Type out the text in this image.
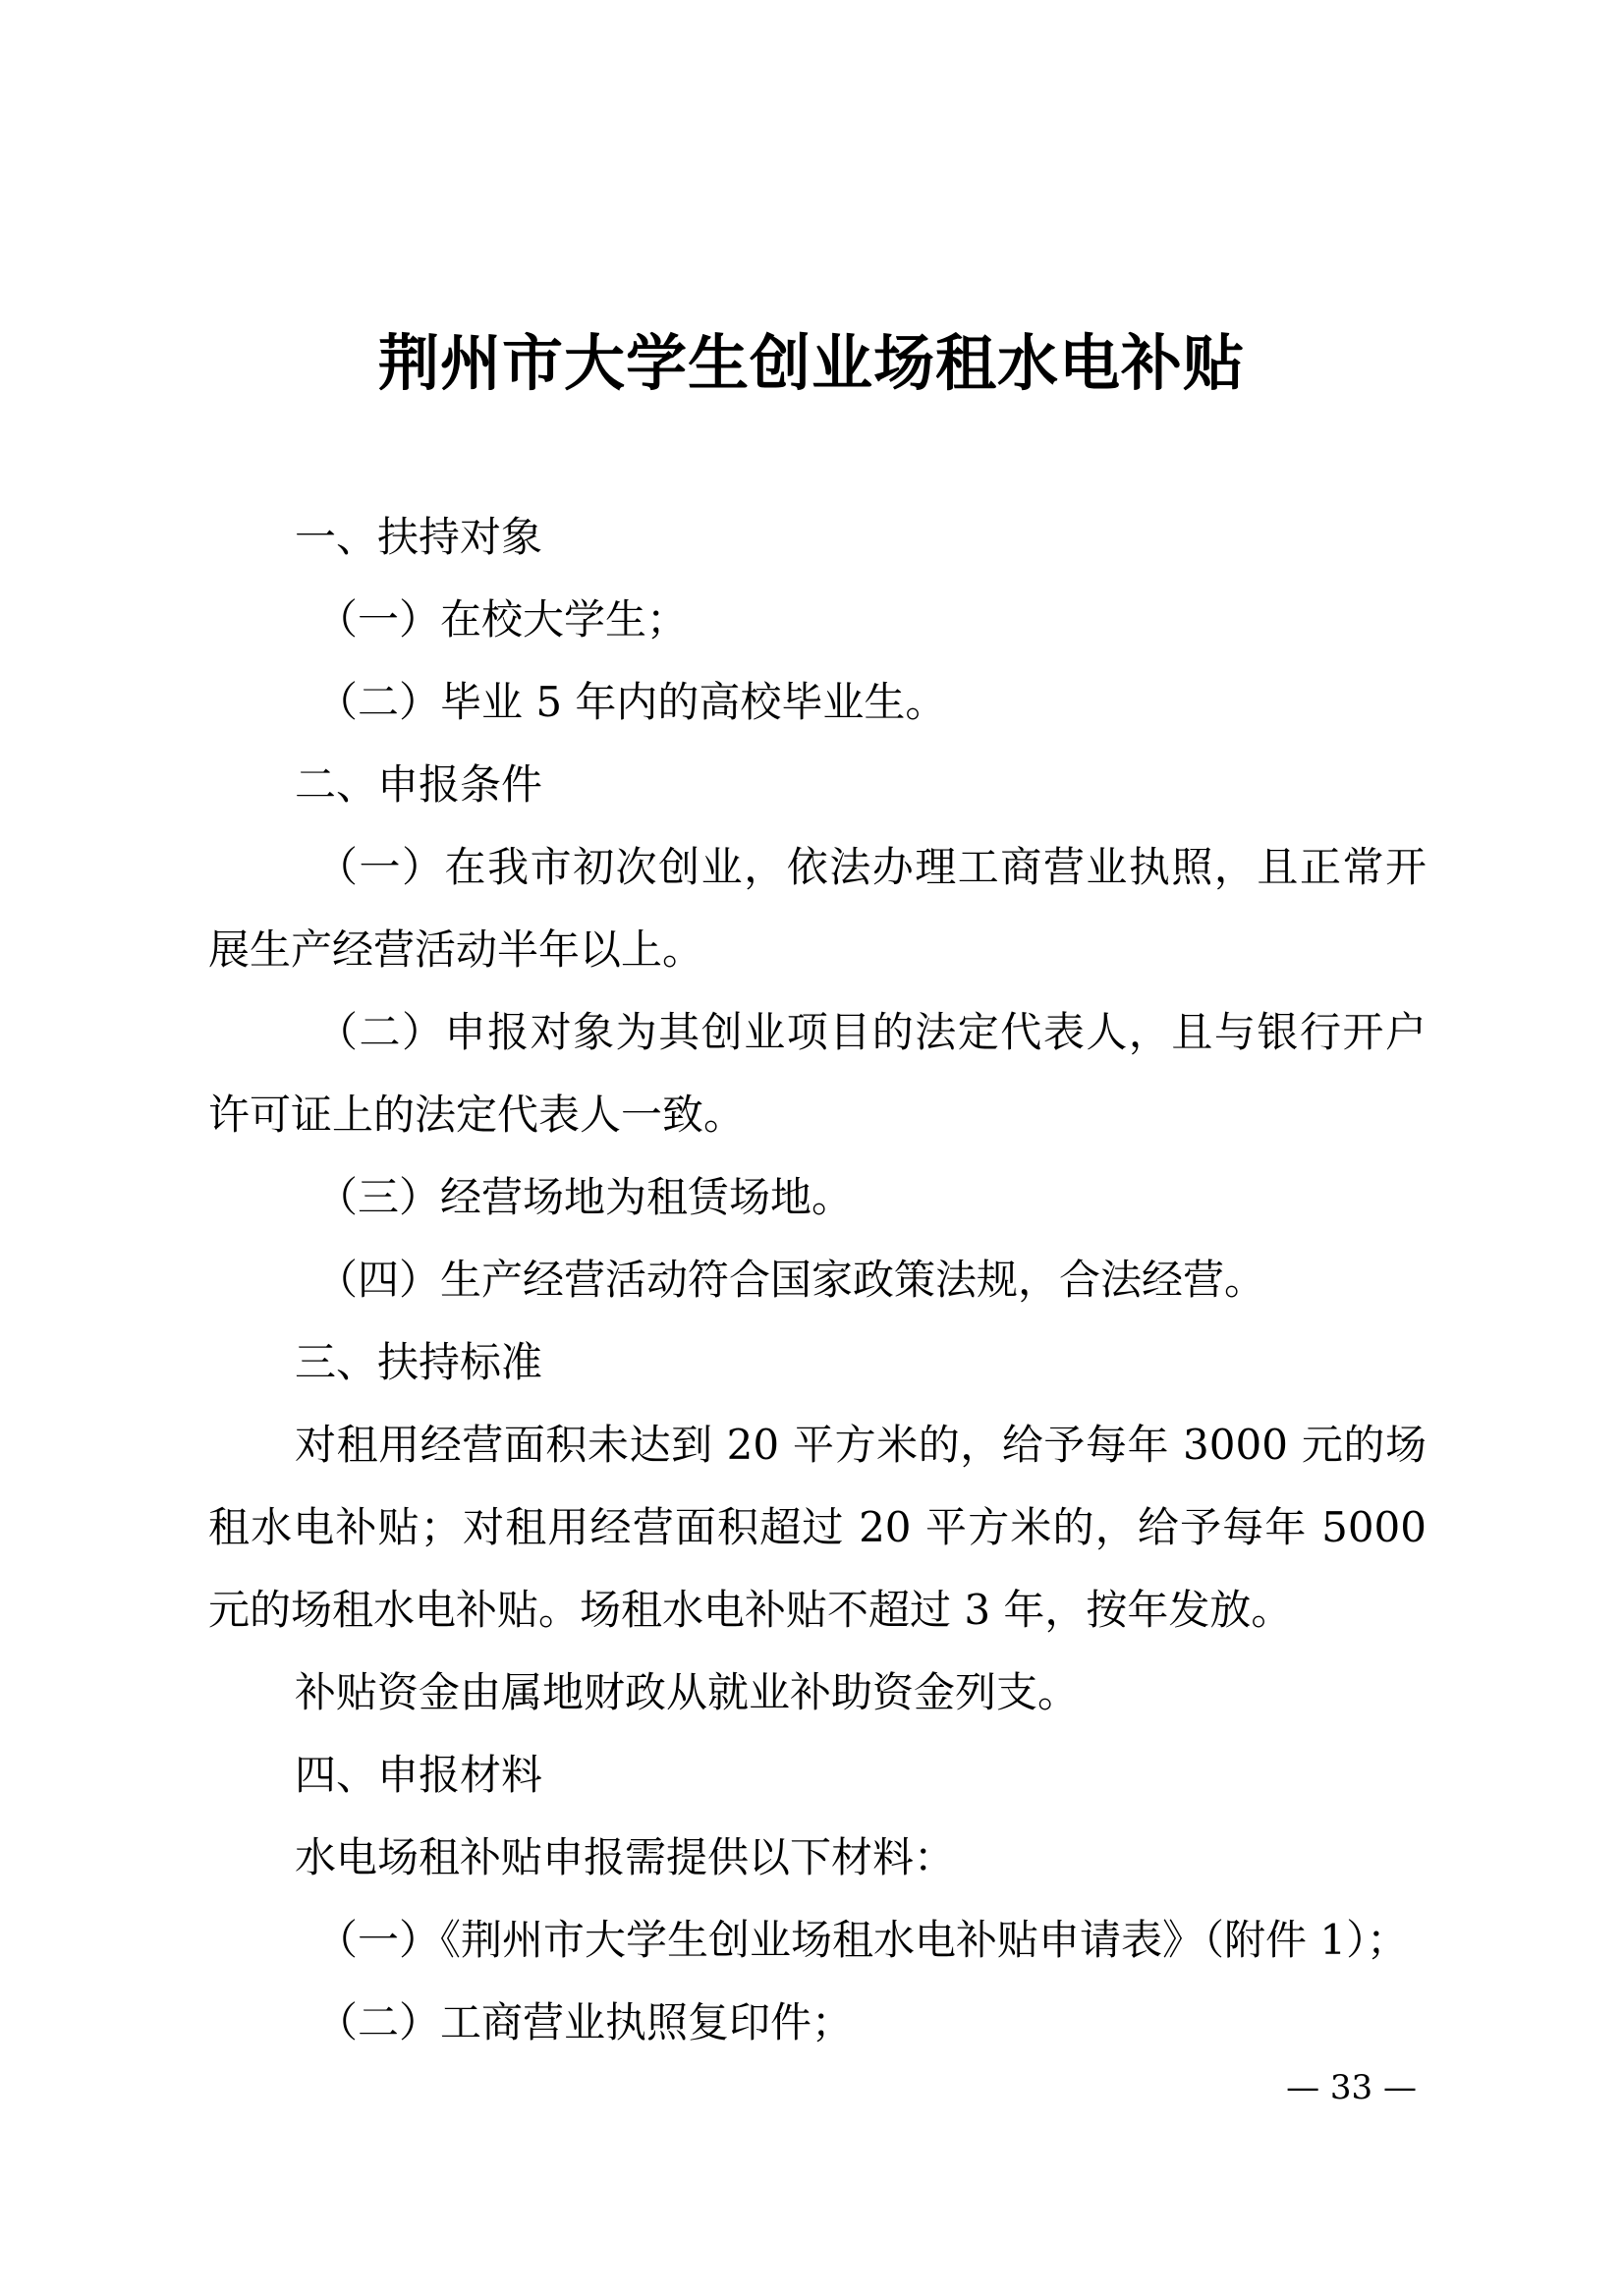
荆州市大学生创业场租水电补贴

一、扶持对象

（一）在校大学生；

（二）毕业 5 年内的高校毕业生。

二、申报条件

（一）在我市初次创业，依法办理工商营业执照，且正常开展生产经营活动半年以上。

（二）申报对象为其创业项目的法定代表人，且与银行开户许可证上的法定代表人一致。

（三）经营场地为租赁场地。

（四）生产经营活动符合国家政策法规，合法经营。

三、扶持标准

对租用经营面积未达到 20 平方米的，给予每年 3000 元的场租水电补贴；对租用经营面积超过 20 平方米的，给予每年 5000 元的场租水电补贴。场租水电补贴不超过 3 年，按年发放。

补贴资金由属地财政从就业补助资金列支。

四、申报材料

水电场租补贴申报需提供以下材料：

（一）《荆州市大学生创业场租水电补贴申请表》（附件 1）；

（二）工商营业执照复印件；

— 33 —
